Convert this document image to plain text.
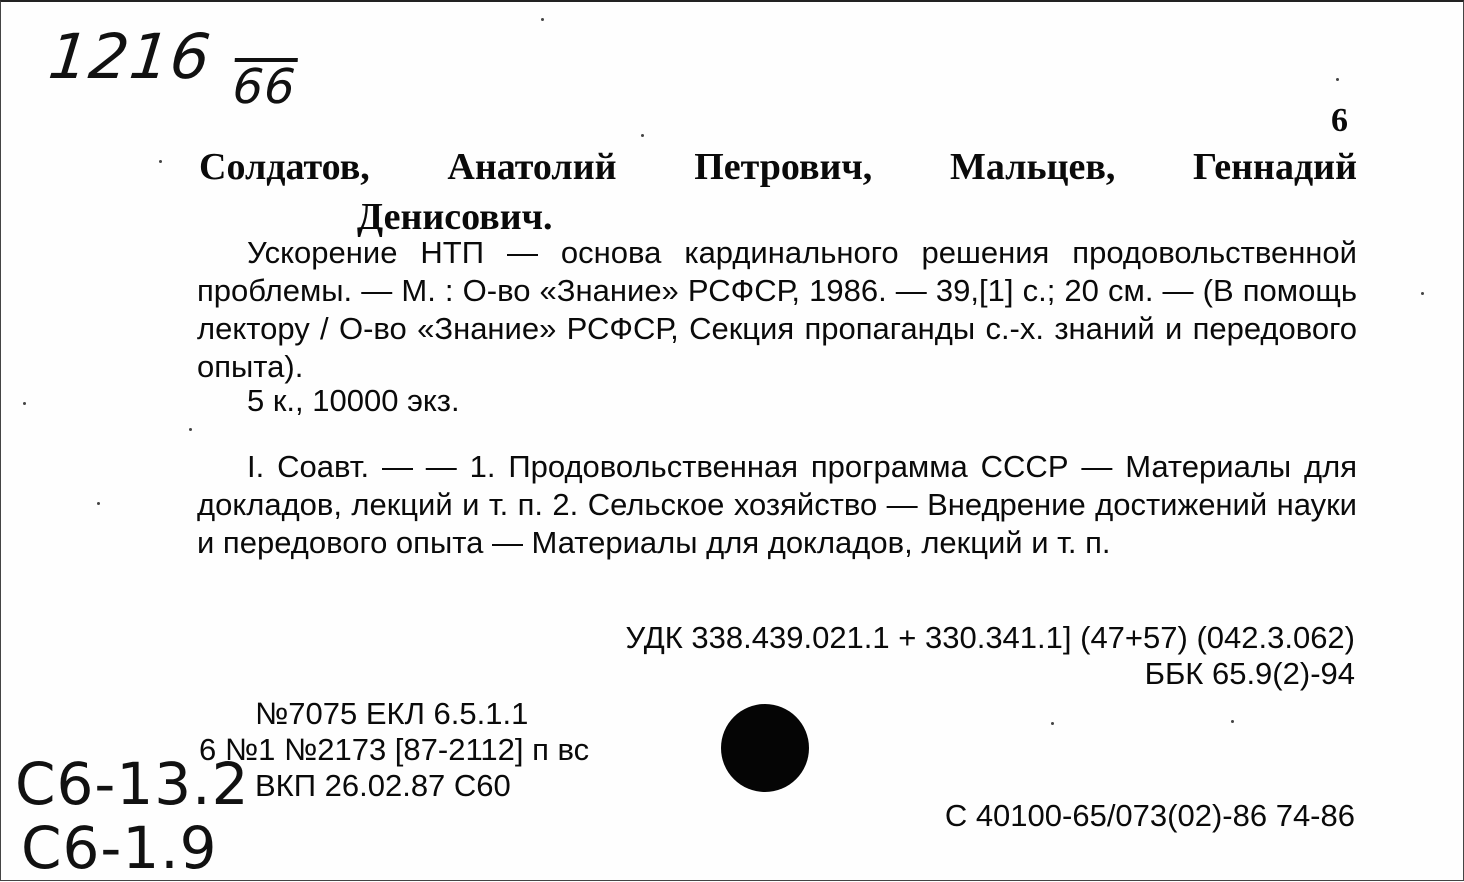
1216 66
6
Солдатов, Анатолий Петрович, Мальцев, Геннадий
Денисович.
Ускорение НТП — основа кардинального решения продовольственной проблемы. — М. : О-во «Знание» РСФСР, 1986. — 39,[1] с.; 20 см. — (В помощь лектору / О-во «Знание» РСФСР, Секция пропаганды с.-х. знаний и передового опыта).
5 к., 10000 экз.
I. Соавт. — — 1. Продовольственная программа СССР — Материалы для докладов, лекций и т. п. 2. Сельское хозяйство — Внедрение достижений науки и передового опыта — Материалы для докладов, лекций и т. п.
УДК 338.439.021.1 + 330.341.1] (47+57) (042.3.062)
ББК 65.9(2)-94
№7075 ЕКЛ 6.5.1.1
6 №1 №2173 [87-2112] п вс
ВКП 26.02.87 С60
С 40100-65/073(02)-86 74-86
C6-13.2
C6-1.9
